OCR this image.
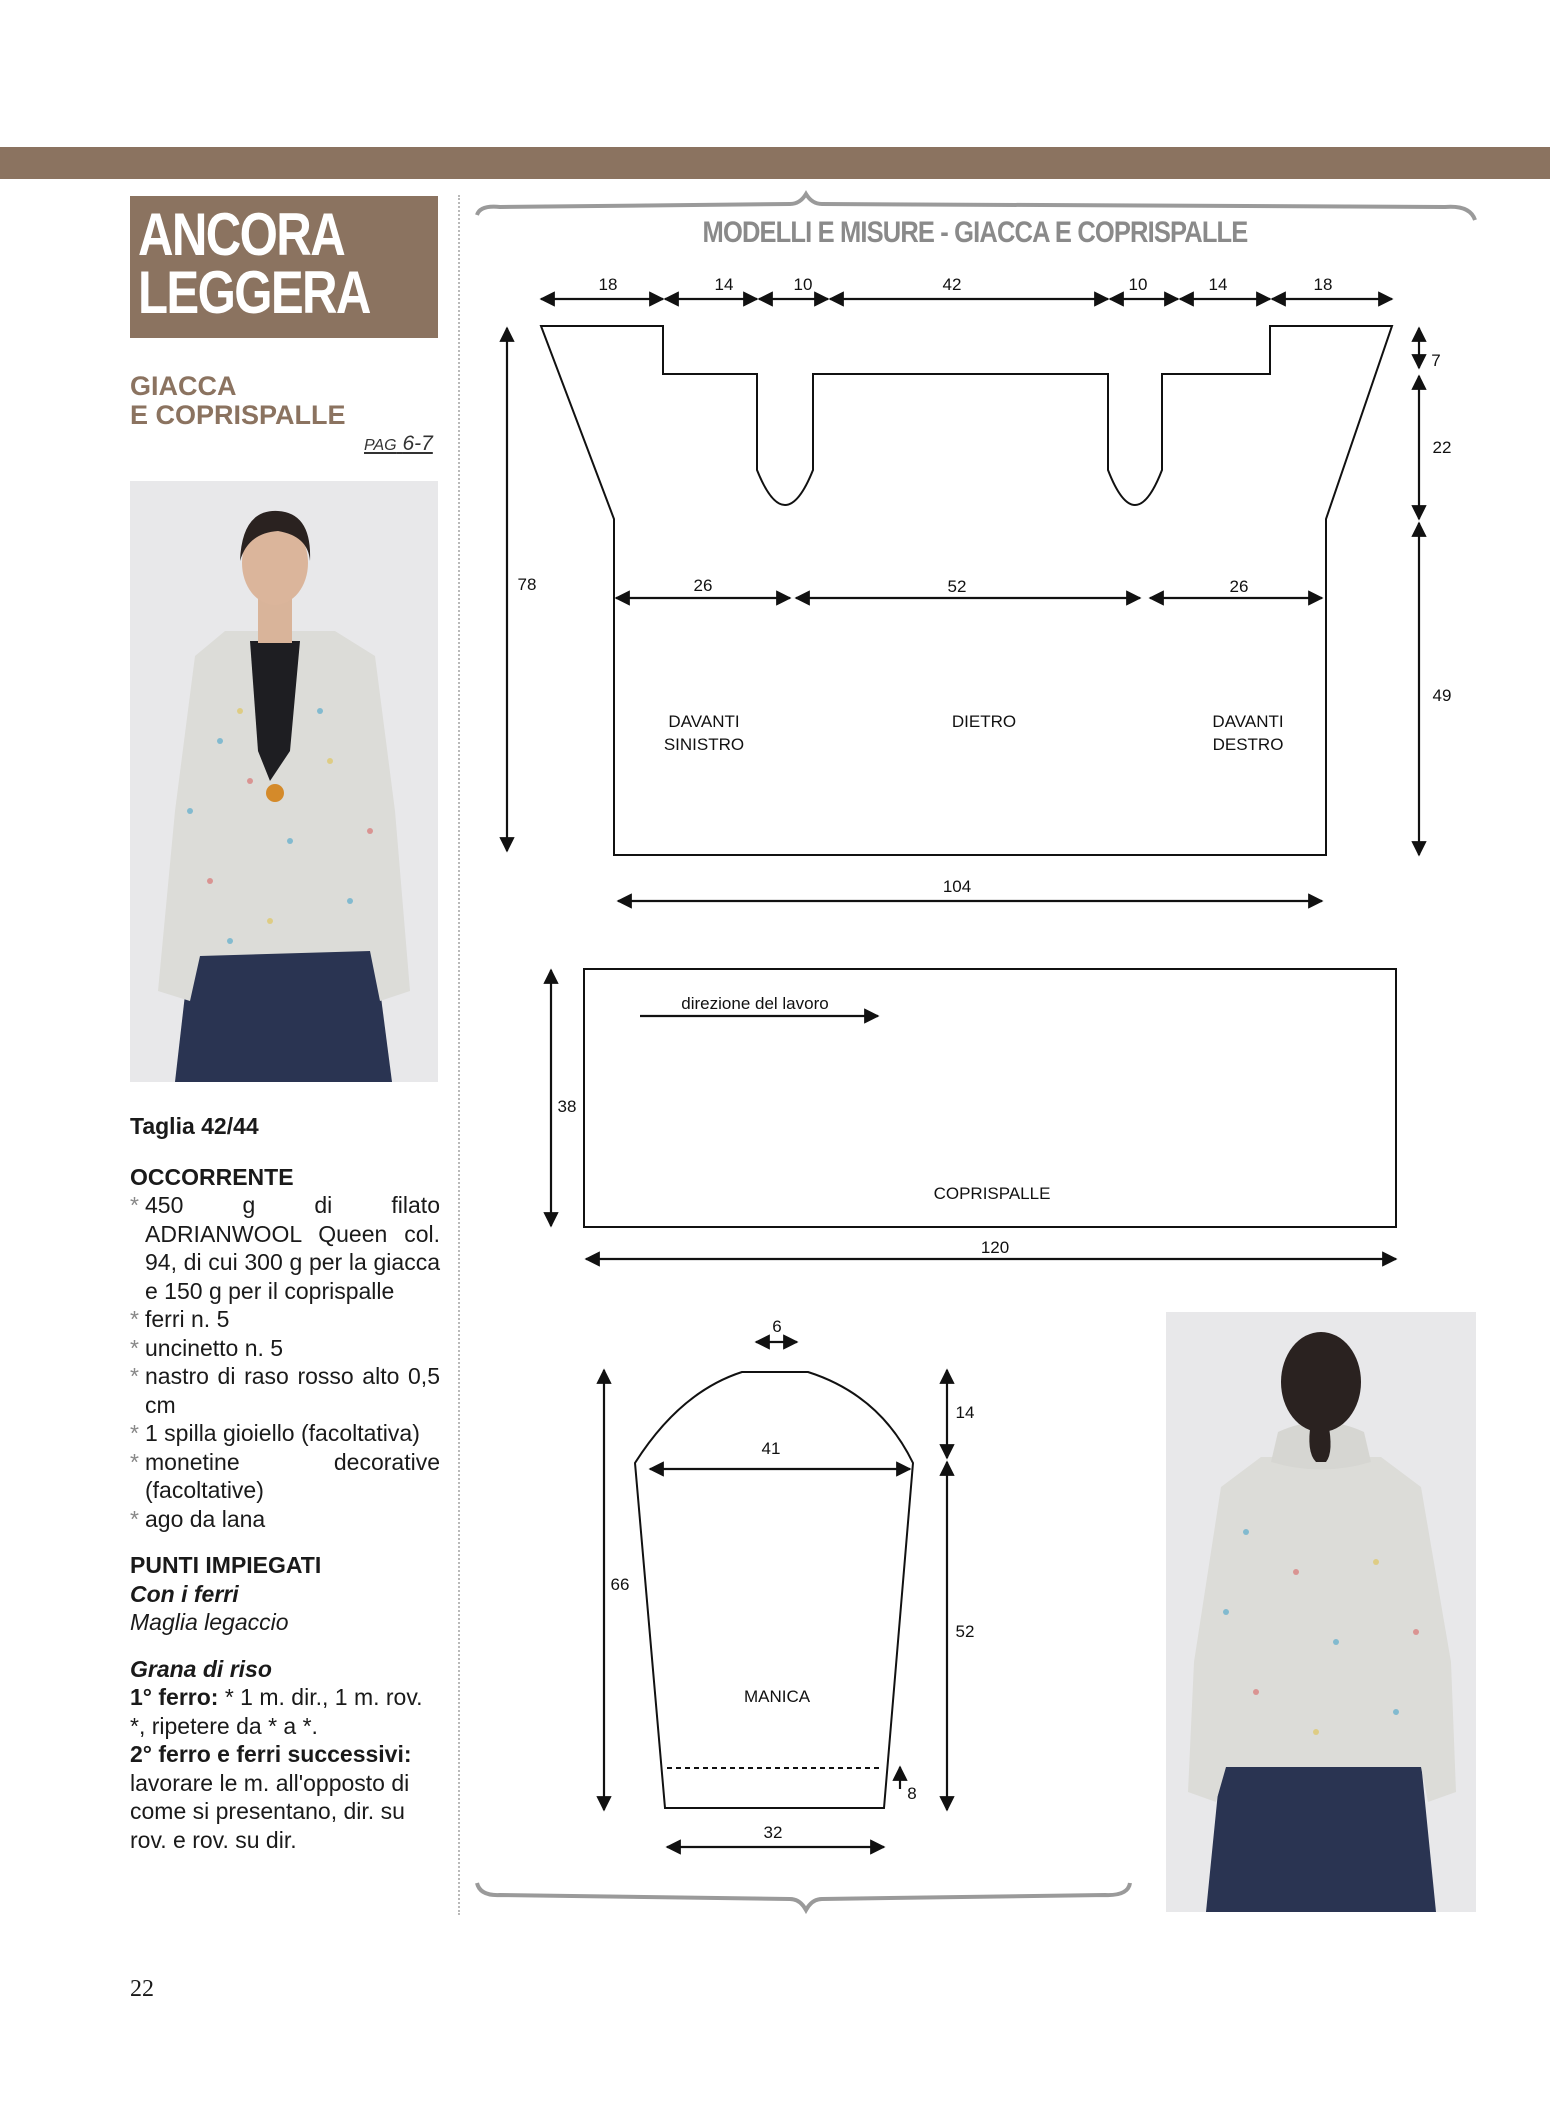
ANCORA
LEGGERA
GIACCA
E COPRISPALLE
PAG 6-7
Taglia 42/44
OCCORRENTE
* 450 g di filato ADRIANWOOL Queen col. 94, di cui 300 g per la giacca e 150 g per il coprispalle
* ferri n. 5
* uncinetto n. 5
* nastro di raso rosso alto 0,5 cm
* 1 spilla gioiello (facoltativa)
* monetine decorative (facoltative)
* ago da lana
PUNTI IMPIEGATI
Con i ferri
Maglia legaccio
Grana di riso
1° ferro: * 1 m. dir., 1 m. rov. *, ripetere da * a *.
2° ferro e ferri successivi: lavorare le m. all'opposto di come si presentano, dir. su rov. e rov. su dir.
22
MODELLI E MISURE - GIACCA E COPRISPALLE
18	14	10	42	10	14	18
7
22
49
78	26	52	26
104
DAVANTI
SINISTRO
DIETRO	DAVANTI
DESTRO
direzione del lavoro
38
COPRISPALLE
120
6
41
14
66
52
MANICA
8
32
